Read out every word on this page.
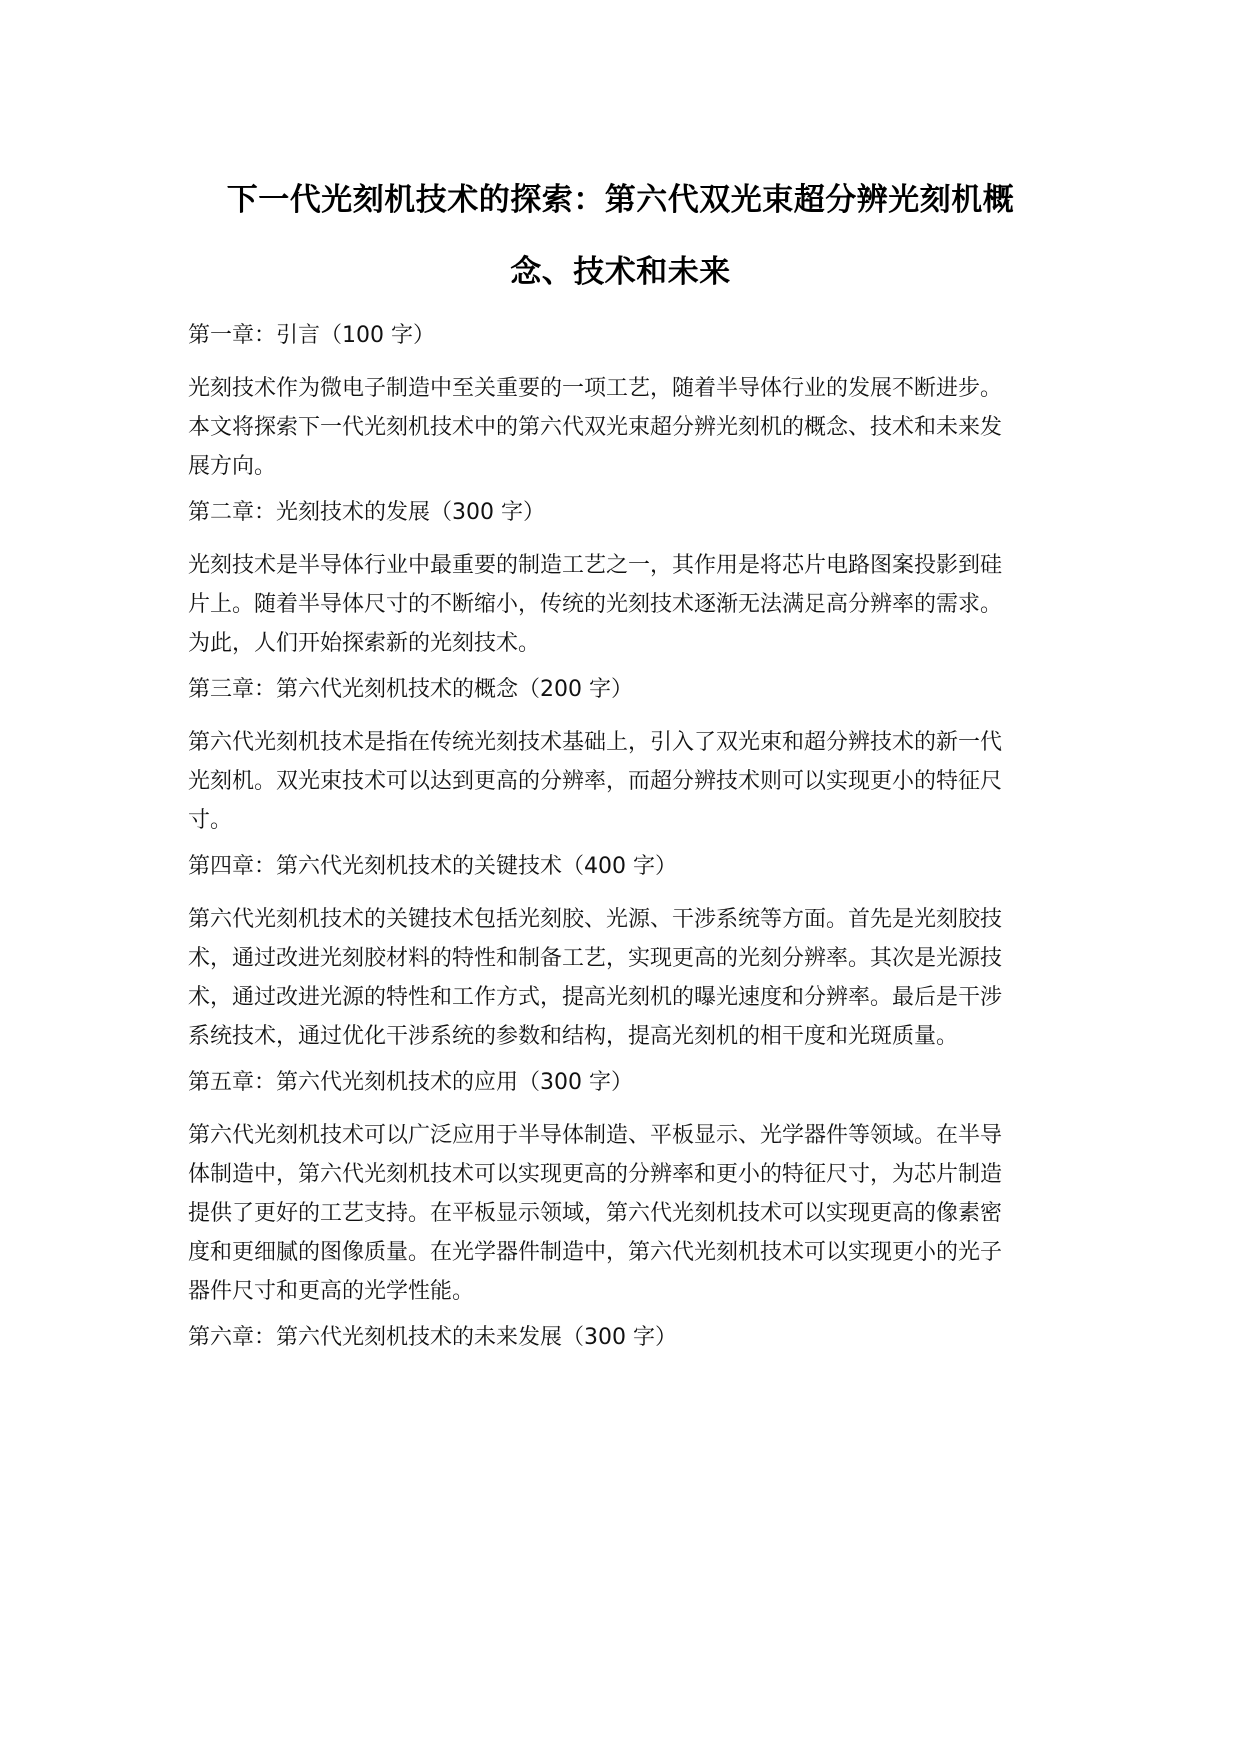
下一代光刻机技术的探索：第六代双光束超分辨光刻机概
念、技术和未来
第一章：引言（100 字）
光刻技术作为微电子制造中至关重要的一项工艺，随着半导体行业的发展不断进步。
本文将探索下一代光刻机技术中的第六代双光束超分辨光刻机的概念、技术和未来发
展方向。
第二章：光刻技术的发展（300 字）
光刻技术是半导体行业中最重要的制造工艺之一，其作用是将芯片电路图案投影到硅
片上。随着半导体尺寸的不断缩小，传统的光刻技术逐渐无法满足高分辨率的需求。
为此，人们开始探索新的光刻技术。
第三章：第六代光刻机技术的概念（200 字）
第六代光刻机技术是指在传统光刻技术基础上，引入了双光束和超分辨技术的新一代
光刻机。双光束技术可以达到更高的分辨率，而超分辨技术则可以实现更小的特征尺
寸。
第四章：第六代光刻机技术的关键技术（400 字）
第六代光刻机技术的关键技术包括光刻胶、光源、干涉系统等方面。首先是光刻胶技
术，通过改进光刻胶材料的特性和制备工艺，实现更高的光刻分辨率。其次是光源技
术，通过改进光源的特性和工作方式，提高光刻机的曝光速度和分辨率。最后是干涉
系统技术，通过优化干涉系统的参数和结构，提高光刻机的相干度和光斑质量。
第五章：第六代光刻机技术的应用（300 字）
第六代光刻机技术可以广泛应用于半导体制造、平板显示、光学器件等领域。在半导
体制造中，第六代光刻机技术可以实现更高的分辨率和更小的特征尺寸，为芯片制造
提供了更好的工艺支持。在平板显示领域，第六代光刻机技术可以实现更高的像素密
度和更细腻的图像质量。在光学器件制造中，第六代光刻机技术可以实现更小的光子
器件尺寸和更高的光学性能。
第六章：第六代光刻机技术的未来发展（300 字）
